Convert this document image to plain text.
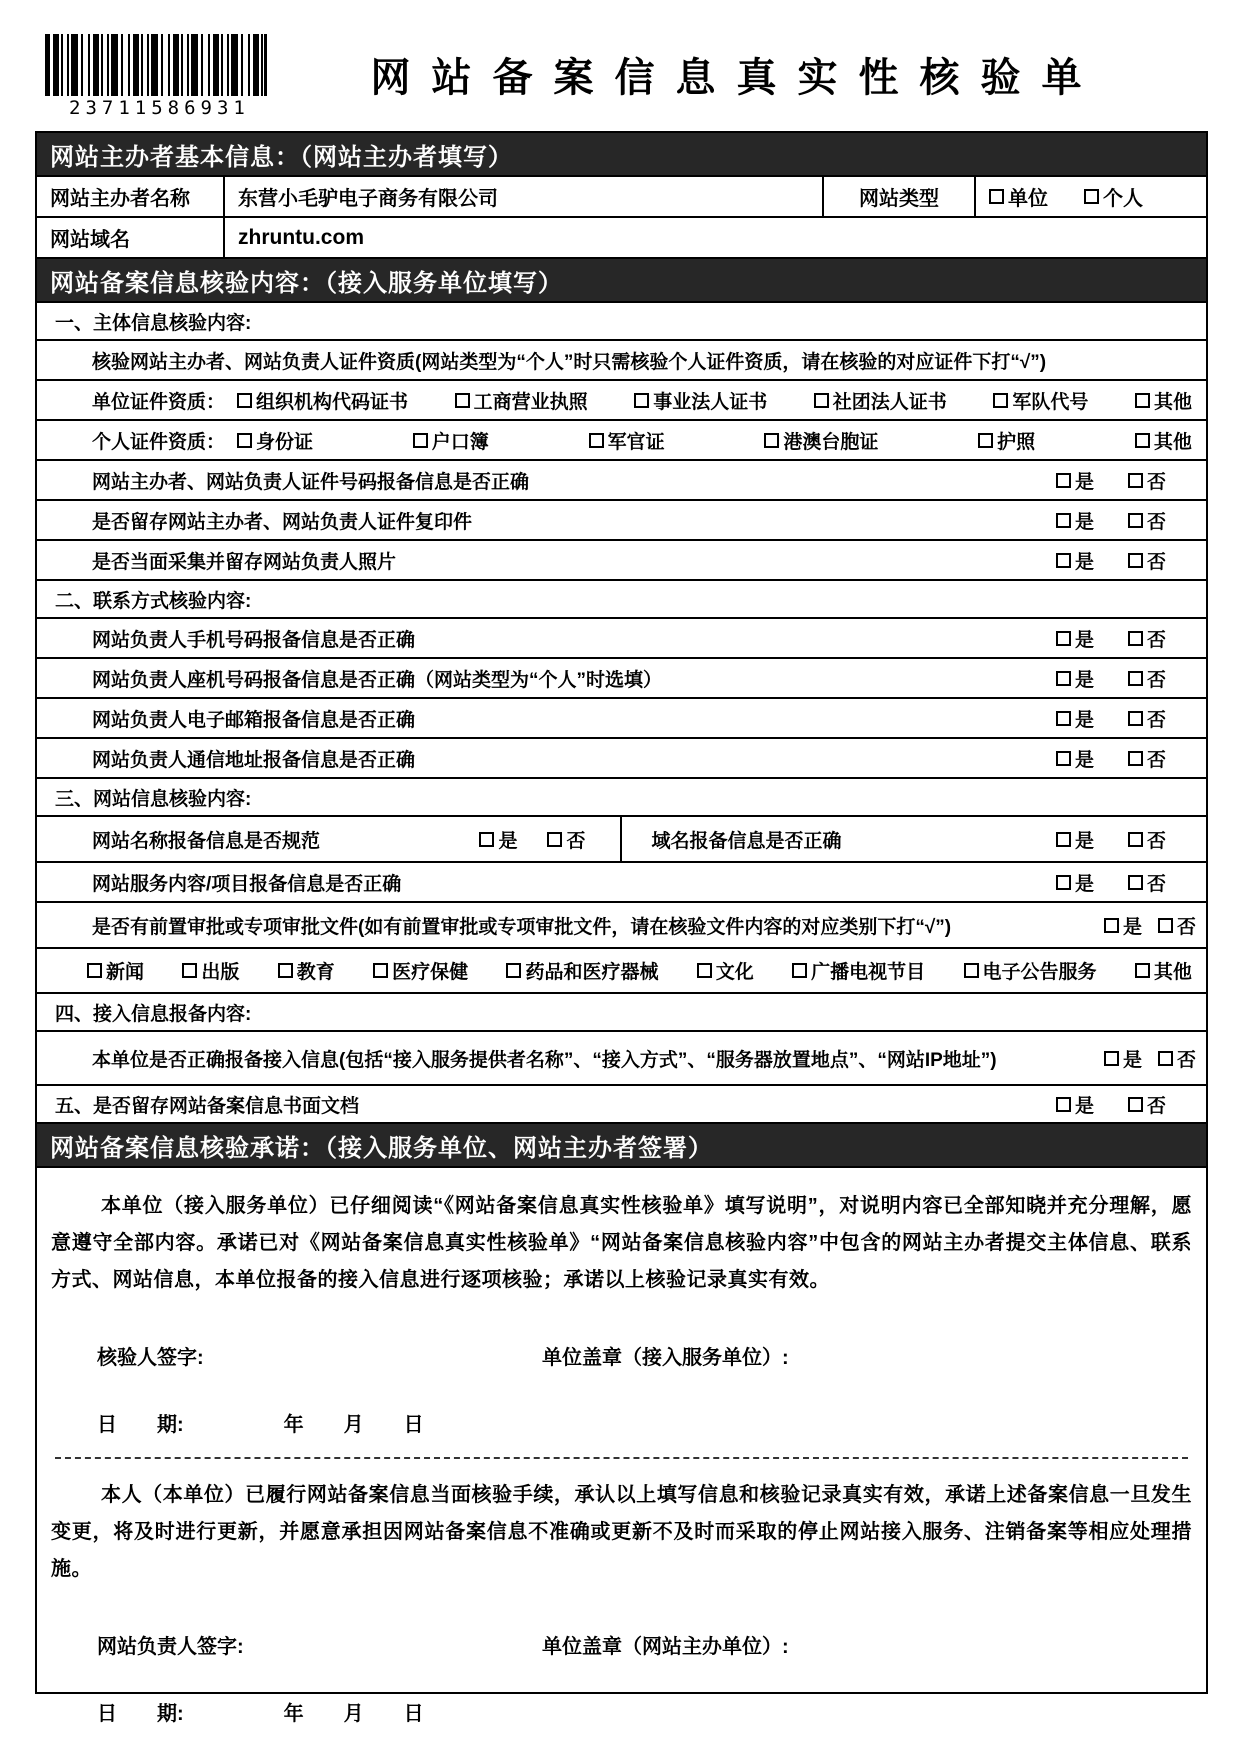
23711586931
网站备案信息真实性核验单
网站主办者基本信息：（网站主办者填写）
网站主办者名称	东营小毛驴电子商务有限公司	网站类型	单位	个人
网站域名	zhruntu.com
网站备案信息核验内容：（接入服务单位填写）
一、主体信息核验内容:
核验网站主办者、网站负责人证件资质(网站类型为“个人”时只需核验个人证件资质，请在核验的对应证件下打“√”)
单位证件资质： 组织机构代码证书	工商营业执照	事业法人证书	社团法人证书	军队代号	其他
个人证件资质： 身份证	户口簿	军官证	港澳台胞证	护照	其他
网站主办者、网站负责人证件号码报备信息是否正确	是	否
是否留存网站主办者、网站负责人证件复印件	是	否
是否当面采集并留存网站负责人照片	是	否
二、联系方式核验内容:
网站负责人手机号码报备信息是否正确	是	否
网站负责人座机号码报备信息是否正确（网站类型为“个人”时选填）	是	否
网站负责人电子邮箱报备信息是否正确	是	否
网站负责人通信地址报备信息是否正确	是	否
三、网站信息核验内容:
网站名称报备信息是否规范	是	否	域名报备信息是否正确	是	否
网站服务内容/项目报备信息是否正确	是	否
是否有前置审批或专项审批文件(如有前置审批或专项审批文件，请在核验文件内容的对应类别下打“√”)	是 否
新闻	出版	教育	医疗保健	药品和医疗器械	文化	广播电视节目	电子公告服务	其他
四、接入信息报备内容:
本单位是否正确报备接入信息(包括“接入服务提供者名称”、“接入方式”、“服务器放置地点”、“网站IP地址”)	是 否
五、是否留存网站备案信息书面文档	是	否
网站备案信息核验承诺：（接入服务单位、网站主办者签署）

本单位（接入服务单位）已仔细阅读“《网站备案信息真实性核验单》填写说明”，对说明内容已全部知晓并充分理解，愿意遵守全部内容。承诺已对《网站备案信息真实性核验单》“网站备案信息核验内容”中包含的网站主办者提交主体信息、联系方式、网站信息，本单位报备的接入信息进行逐项核验；承诺以上核验记录真实有效。

核验人签字:	单位盖章（接入服务单位）:
日　　期:　　　　　年　　月　　日

本人（本单位）已履行网站备案信息当面核验手续，承认以上填写信息和核验记录真实有效，承诺上述备案信息一旦发生变更，将及时进行更新，并愿意承担因网站备案信息不准确或更新不及时而采取的停止网站接入服务、注销备案等相应处理措施。

网站负责人签字:	单位盖章（网站主办单位）:
日　　期:　　　　　年　　月　　日
